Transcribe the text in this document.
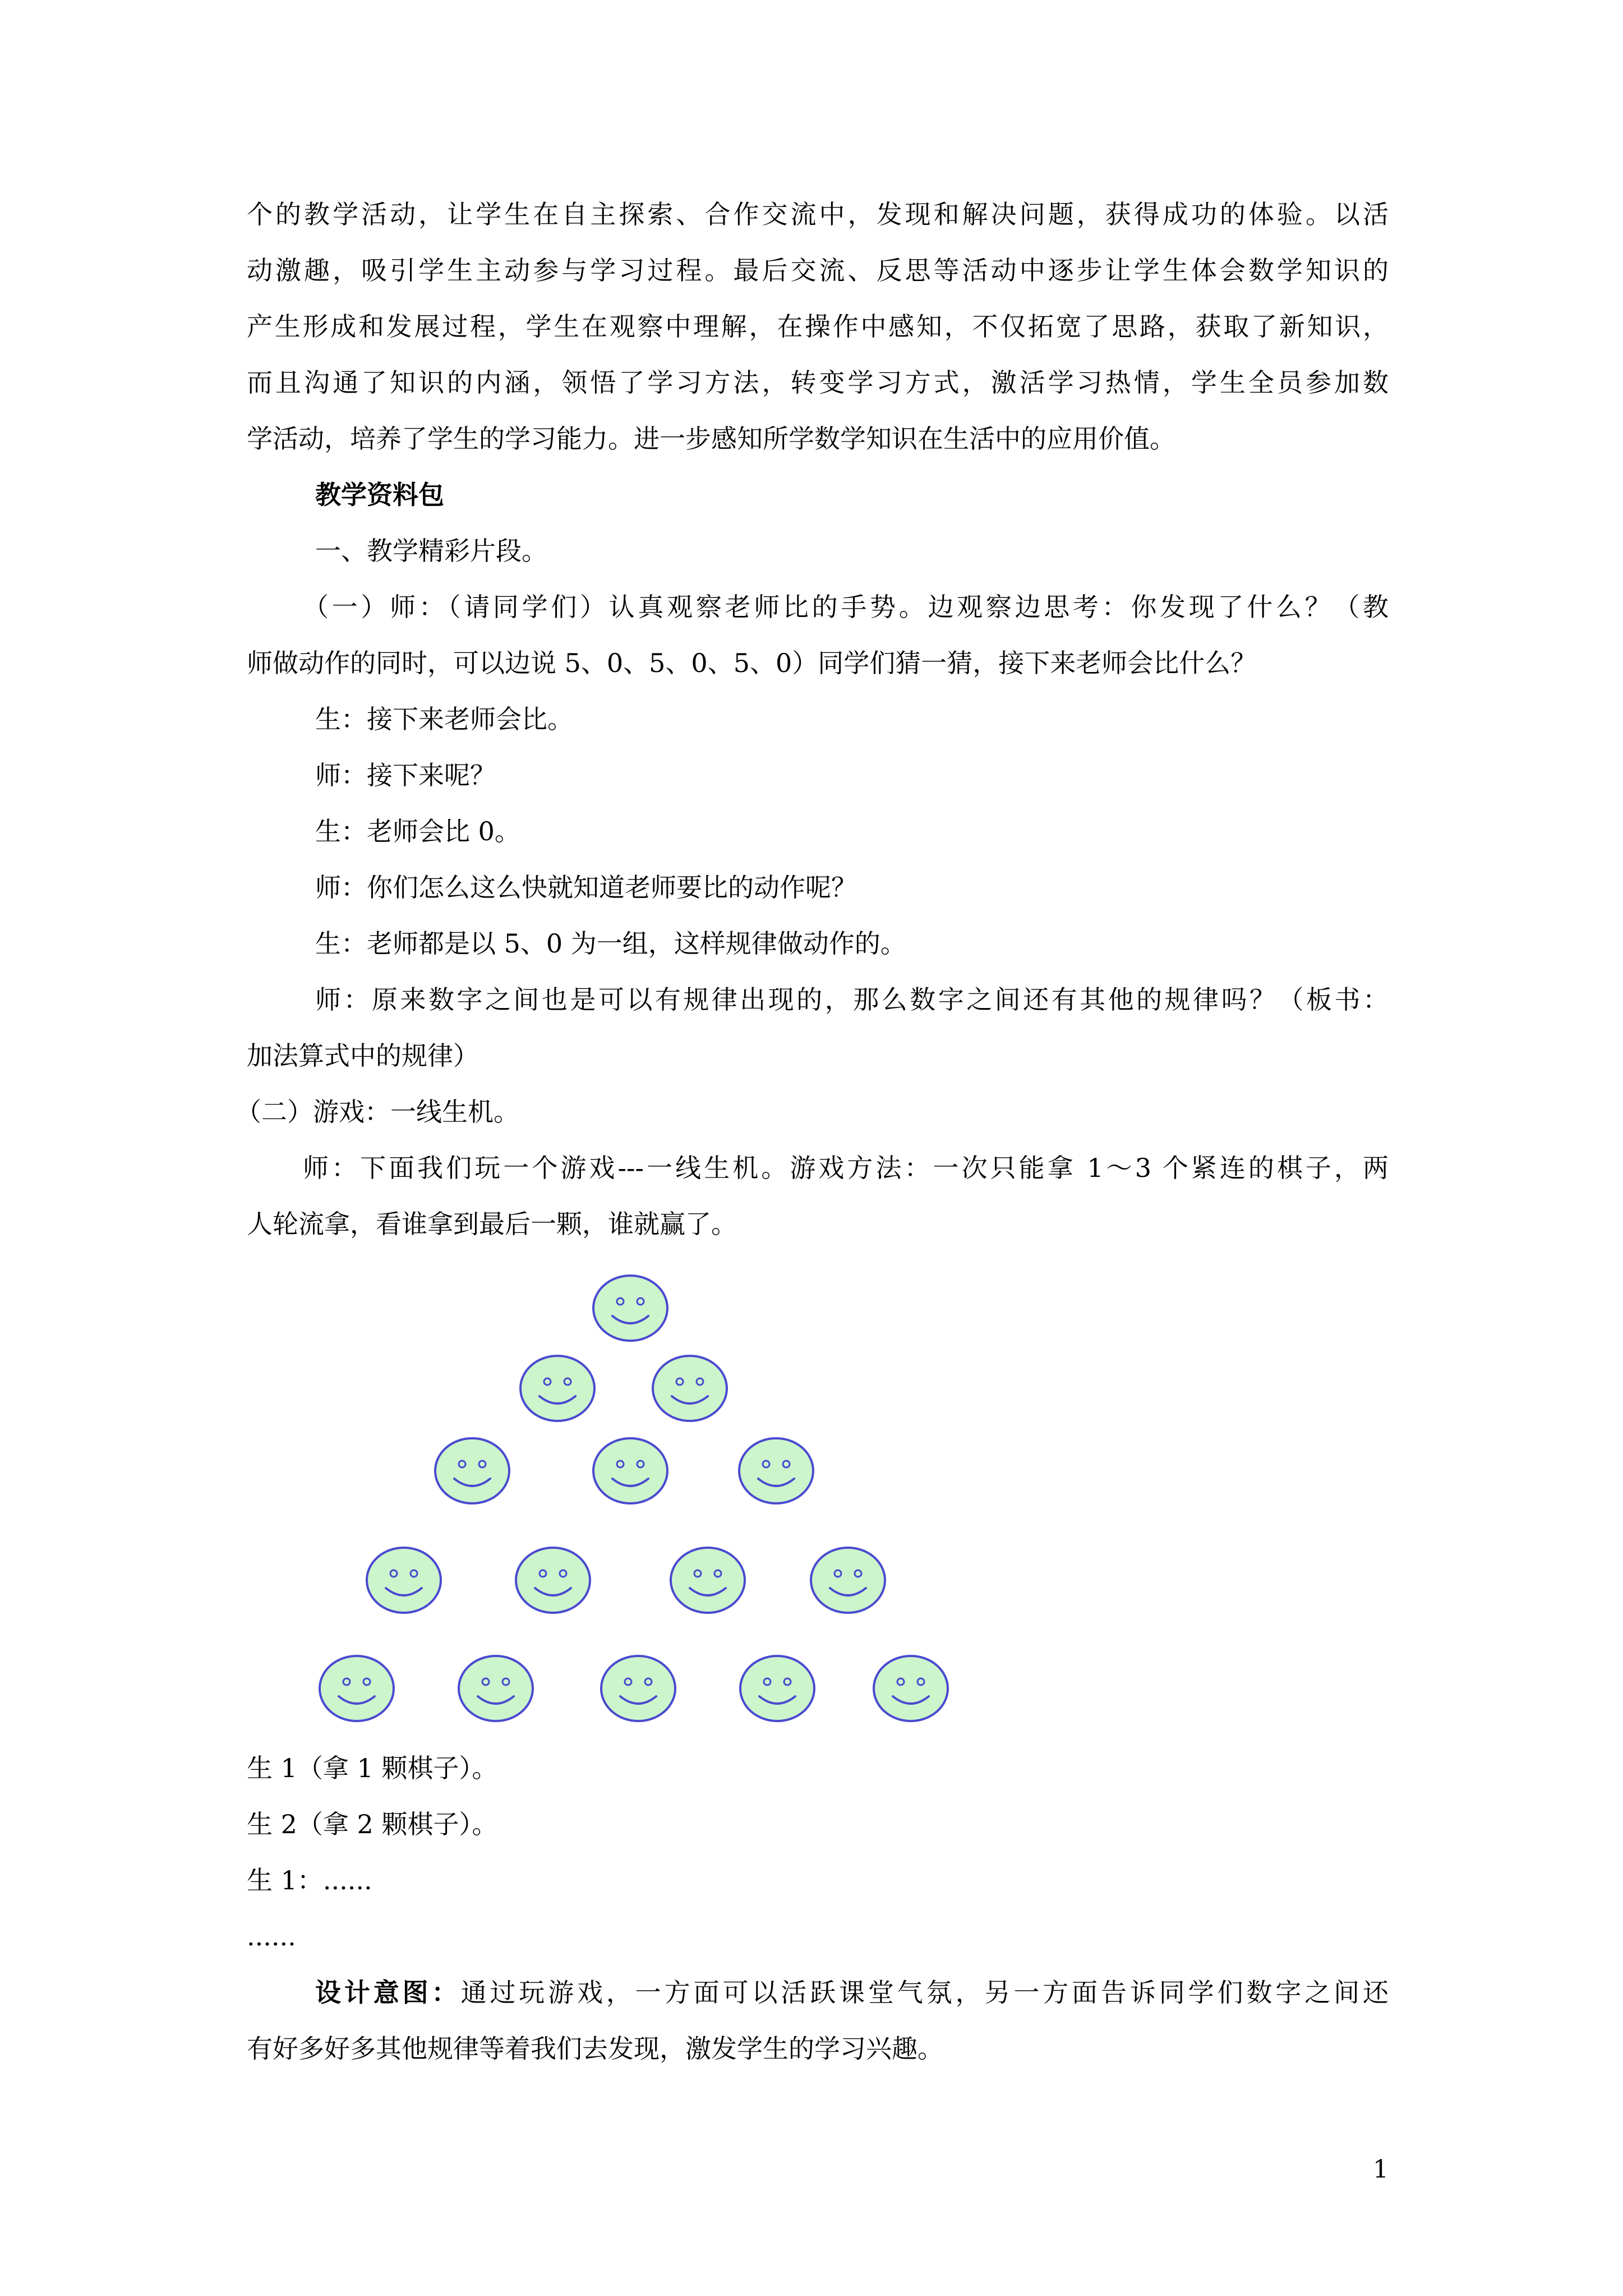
个的教学活动，让学生在自主探索、合作交流中，发现和解决问题，获得成功的体验。以活
动激趣，吸引学生主动参与学习过程。最后交流、反思等活动中逐步让学生体会数学知识的
产生形成和发展过程，学生在观察中理解，在操作中感知，不仅拓宽了思路，获取了新知识，
而且沟通了知识的内涵，领悟了学习方法，转变学习方式，激活学习热情，学生全员参加数
学活动，培养了学生的学习能力。进一步感知所学数学知识在生活中的应用价值。
教学资料包
一、教学精彩片段。
（一）师：（请同学们）认真观察老师比的手势。边观察边思考：你发现了什么？（教
师做动作的同时，可以边说 5、0、5、0、5、0）同学们猜一猜，接下来老师会比什么？
生：接下来老师会比。
师：接下来呢？
生：老师会比 0。
师：你们怎么这么快就知道老师要比的动作呢？
生：老师都是以 5、0 为一组，这样规律做动作的。
师：原来数字之间也是可以有规律出现的，那么数字之间还有其他的规律吗？（板书：
加法算式中的规律）
（二）游戏：一线生机。
师：下面我们玩一个游戏---一线生机。游戏方法：一次只能拿 1～3 个紧连的棋子，两
人轮流拿，看谁拿到最后一颗，谁就赢了。
生 1（拿 1 颗棋子）。
生 2（拿 2 颗棋子）。
生 1：......
......
设计意图：通过玩游戏，一方面可以活跃课堂气氛，另一方面告诉同学们数字之间还
有好多好多其他规律等着我们去发现，激发学生的学习兴趣。
1
